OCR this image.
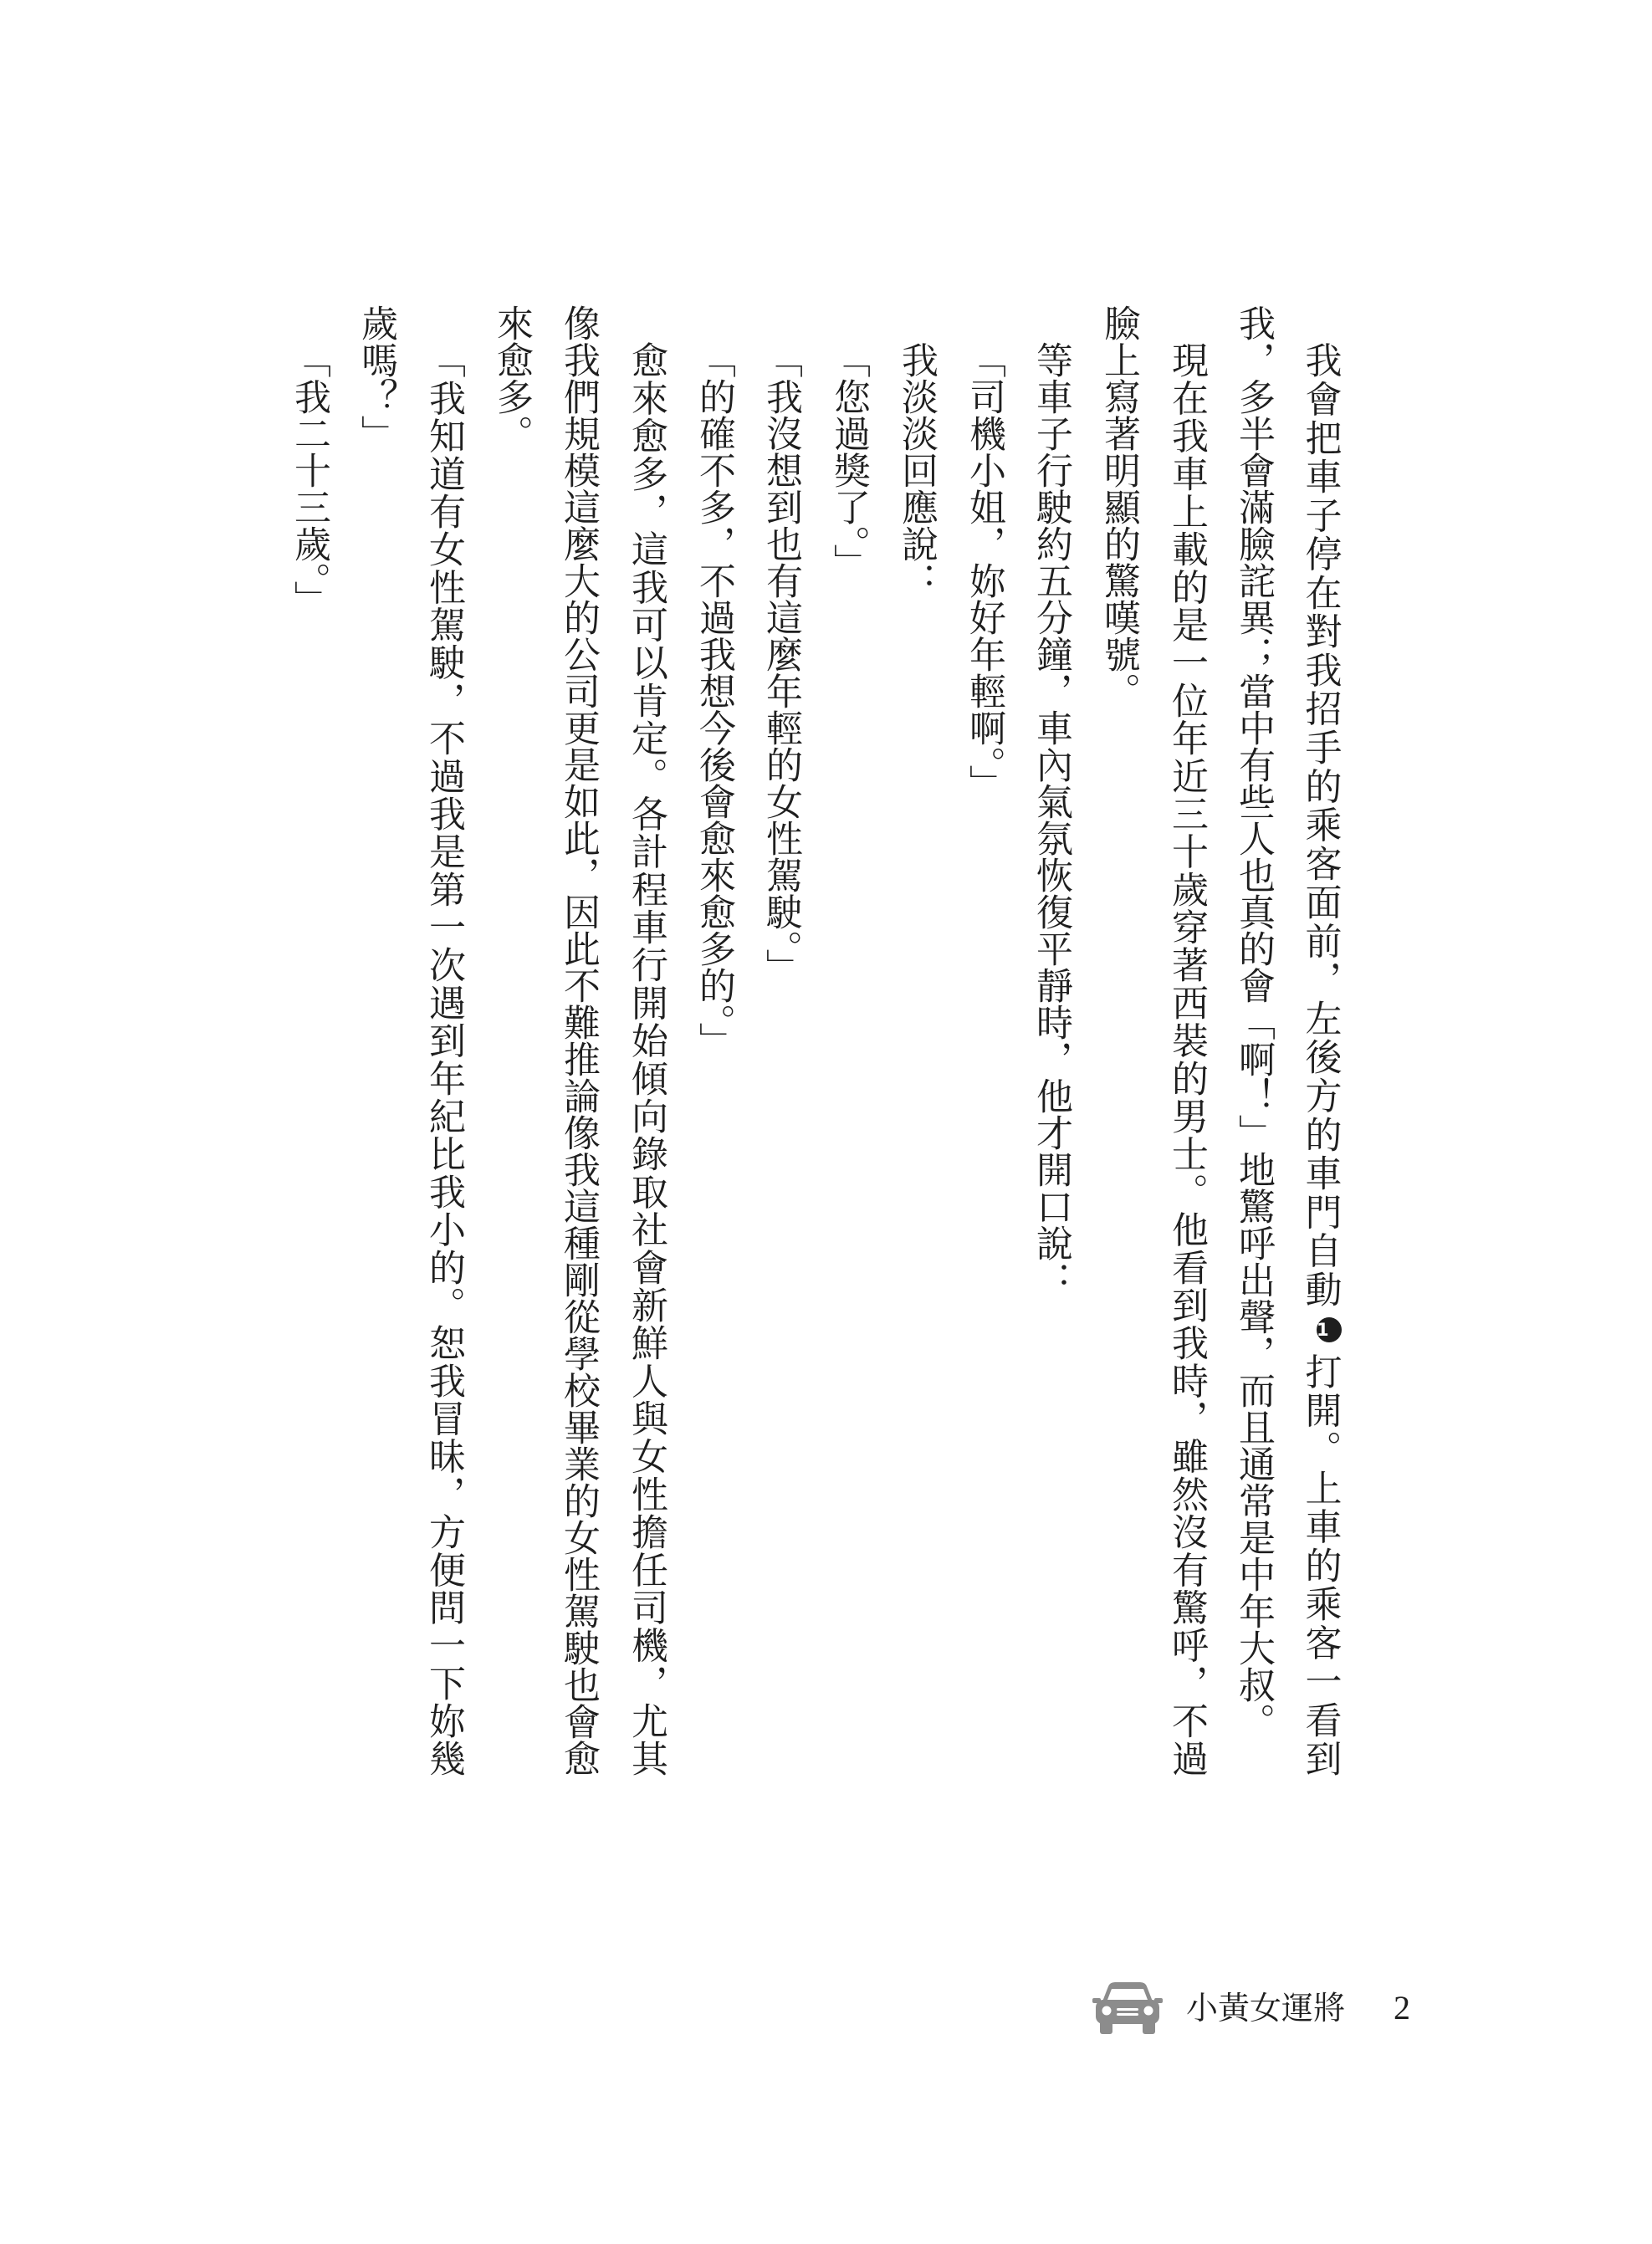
我會把車子停在對我招手的乘客面前，左後方的車門自動1打開。上車的乘客一看到
我，多半會滿臉詫異；當中有些人也真的會「啊！」地驚呼出聲，而且通常是中年大叔。
現在我車上載的是一位年近三十歲穿著西裝的男士。他看到我時，雖然沒有驚呼，不過
臉上寫著明顯的驚嘆號。
等車子行駛約五分鐘，車內氣氛恢復平靜時，他才開口說：
「司機小姐，妳好年輕啊。」
我淡淡回應說：
「您過獎了。」
「我沒想到也有這麼年輕的女性駕駛。」
「的確不多，不過我想今後會愈來愈多的。」
愈來愈多，這我可以肯定。各計程車行開始傾向錄取社會新鮮人與女性擔任司機，尤其
像我們規模這麼大的公司更是如此，因此不難推論像我這種剛從學校畢業的女性駕駛也會愈
來愈多。
「我知道有女性駕駛，不過我是第一次遇到年紀比我小的。恕我冒昧，方便問一下妳幾
歲嗎？」
「我二十三歲。」
小黃女運將 2
